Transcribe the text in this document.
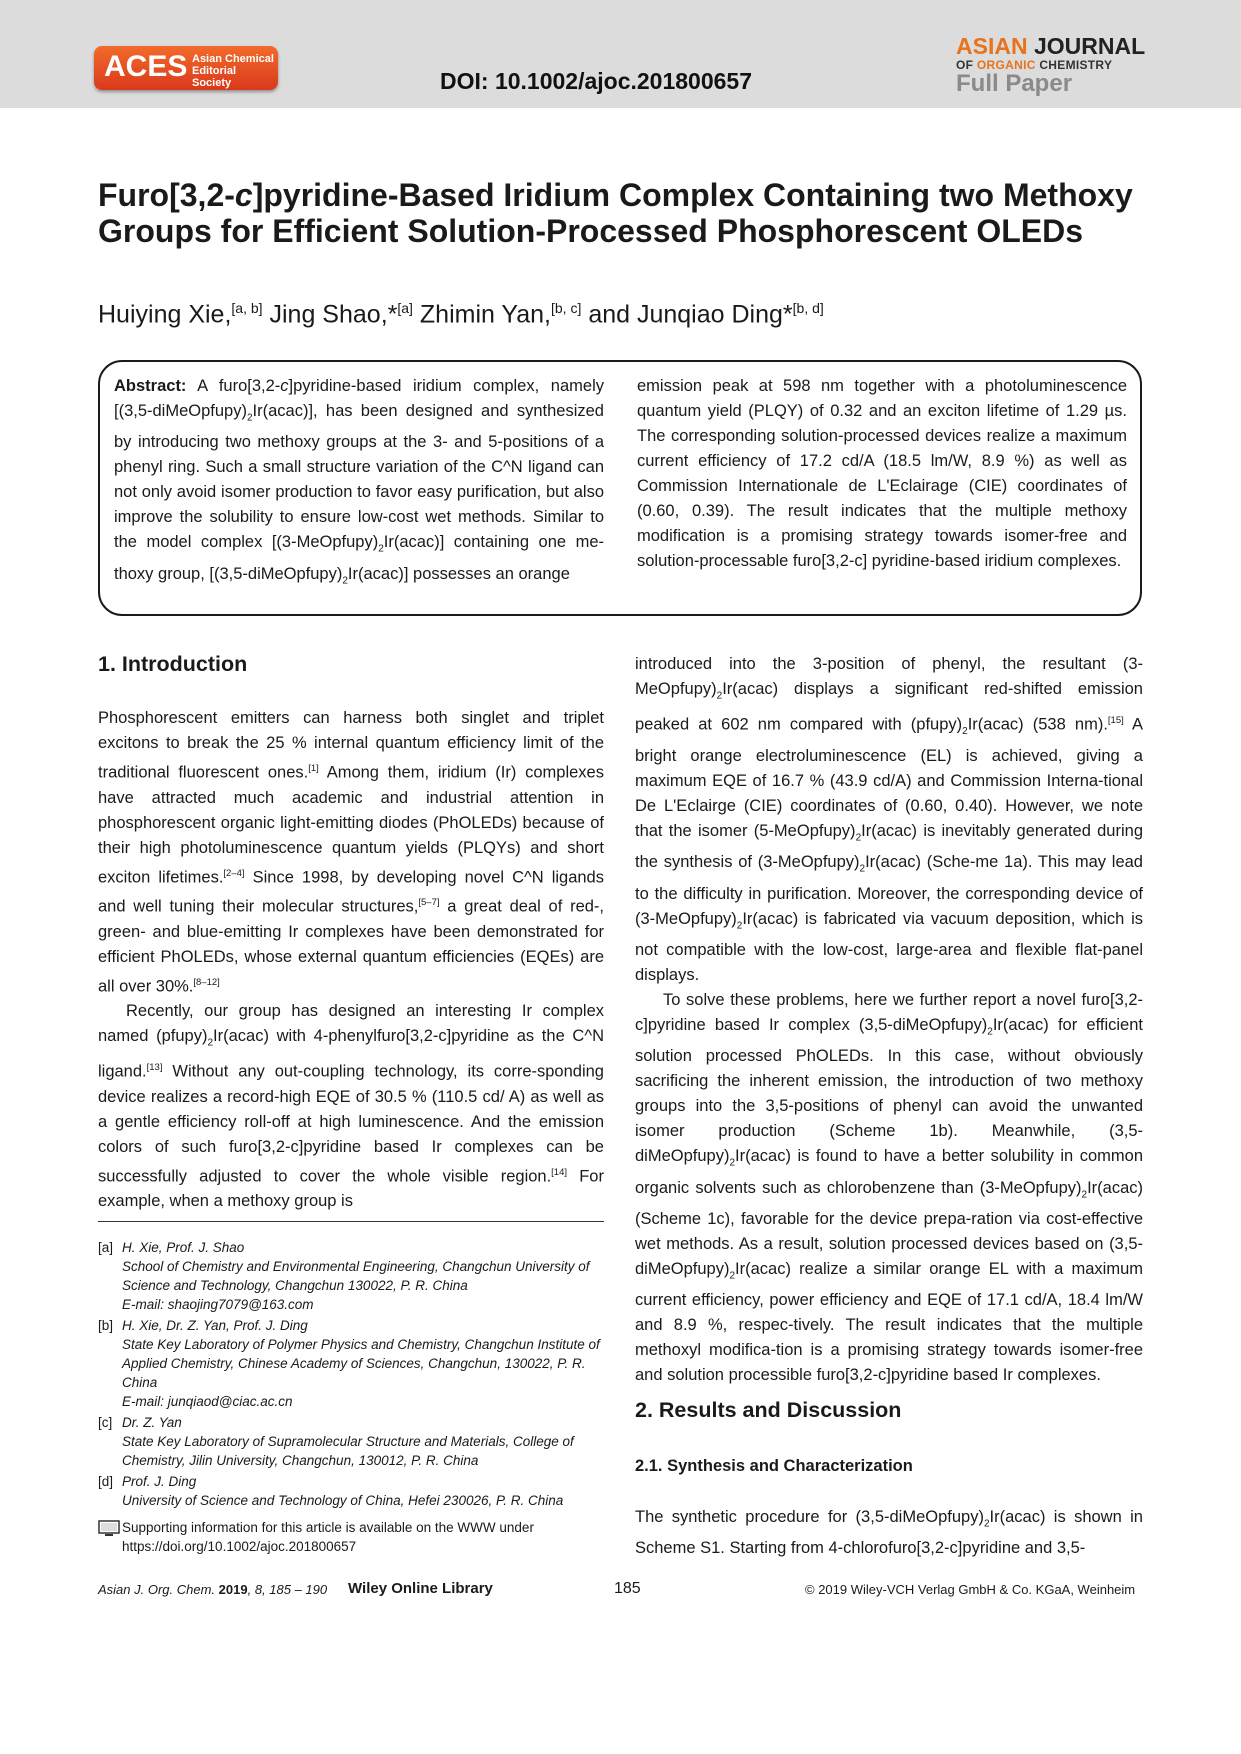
ACES Asian Chemical
Editorial Society	DOI: 10.1002/ajoc.201800657
ASIAN JOURNAL
OF ORGANIC CHEMISTRY
Full Paper
Furo[3,2-c]pyridine-Based Iridium Complex Containing two Methoxy Groups for Efficient Solution-Processed Phosphorescent OLEDs
Huiying Xie,[a, b] Jing Shao,*[a] Zhimin Yan,[b, c] and Junqiao Ding*[b, d]
Abstract: A furo[3,2-c]pyridine-based iridium complex, namely $[(3,5-diMeOpfupy)_2Ir(acac)]$, has been designed and synthesized by introducing two methoxy groups at the 3- and 5-positions of a phenyl ring. Such a small structure variation of the C^N ligand can not only avoid isomer production to favor easy purification, but also improve the solubility to ensure low-cost wet methods. Similar to the model complex $[(3-MeOpfupy)_2Ir(acac)]$ containing one me-thoxy group, $[(3,5-diMeOpfupy)_2Ir(acac)]$ possesses an orange
emission peak at 598 nm together with a photoluminescence quantum yield (PLQY) of 0.32 and an exciton lifetime of 1.29 µs. The corresponding solution-processed devices realize a maximum current efficiency of 17.2 cd/A (18.5 lm/W, 8.9 %) as well as Commission Internationale de L'Eclairage (CIE) coordinates of (0.60, 0.39). The result indicates that the multiple methoxy modification is a promising strategy towards isomer-free and solution-processable furo[3,2-c] pyridine-based iridium complexes.
1. Introduction

Phosphorescent emitters can harness both singlet and triplet excitons to break the 25 % internal quantum efficiency limit of the traditional fluorescent ones.[1] Among them, iridium (Ir) complexes have attracted much academic and industrial attention in phosphorescent organic light-emitting diodes (PhOLEDs) because of their high photoluminescence quantum yields (PLQYs) and short exciton lifetimes.[2–4] Since 1998, by developing novel C^N ligands and well tuning their molecular structures,[5–7] a great deal of red-, green- and blue-emitting Ir complexes have been demonstrated for efficient PhOLEDs, whose external quantum efficiencies (EQEs) are all over 30%.[8–12]

Recently, our group has designed an interesting Ir complex named $(pfupy)_2Ir(acac)$ with 4-phenylfuro[3,2-c]pyridine as the C^N ligand.[13] Without any out-coupling technology, its corre-sponding device realizes a record-high EQE of 30.5 % (110.5 cd/ A) as well as a gentle efficiency roll-off at high luminescence. And the emission colors of such furo[3,2-c]pyridine based Ir complexes can be successfully adjusted to cover the whole visible region.[14] For example, when a methoxy group is

[a] H. Xie, Prof. J. Shao
School of Chemistry and Environmental Engineering, Changchun University of Science and Technology, Changchun 130022, P. R. China
E-mail: shaojing7079@163.com
[b] H. Xie, Dr. Z. Yan, Prof. J. Ding
State Key Laboratory of Polymer Physics and Chemistry, Changchun Institute of Applied Chemistry, Chinese Academy of Sciences, Changchun, 130022, P. R. China
E-mail: junqiaod@ciac.ac.cn
[c] Dr. Z. Yan
State Key Laboratory of Supramolecular Structure and Materials, College of Chemistry, Jilin University, Changchun, 130012, P. R. China
[d] Prof. J. Ding
University of Science and Technology of China, Hefei 230026, P. R. China
Supporting information for this article is available on the WWW under https://doi.org/10.1002/ajoc.201800657

introduced into the 3-position of phenyl, the resultant $(3-MeOpfupy)_2Ir(acac)$ displays a significant red-shifted emission peaked at 602 nm compared with $(pfupy)_2Ir(acac)$ (538 nm).[15] A bright orange electroluminescence (EL) is achieved, giving a maximum EQE of 16.7 % (43.9 cd/A) and Commission Interna-tional De L'Eclairge (CIE) coordinates of (0.60, 0.40). However, we note that the isomer $(5-MeOpfupy)_2Ir(acac)$ is inevitably generated during the synthesis of $(3-MeOpfupy)_2Ir(acac)$ (Sche-me 1a). This may lead to the difficulty in purification. Moreover, the corresponding device of $(3-MeOpfupy)_2Ir(acac)$ is fabricated via vacuum deposition, which is not compatible with the low-cost, large-area and flexible flat-panel displays.

To solve these problems, here we further report a novel furo[3,2-c]pyridine based Ir complex $(3,5-diMeOpfupy)_2Ir(acac)$ for efficient solution processed PhOLEDs. In this case, without obviously sacrificing the inherent emission, the introduction of two methoxy groups into the 3,5-positions of phenyl can avoid the unwanted isomer production (Scheme 1b). Meanwhile, $(3,5-diMeOpfupy)_2Ir(acac)$ is found to have a better solubility in common organic solvents such as chlorobenzene than $(3-MeOpfupy)_2Ir(acac)$ (Scheme 1c), favorable for the device prepa-ration via cost-effective wet methods. As a result, solution processed devices based on $(3,5-diMeOpfupy)_2Ir(acac)$ realize a similar orange EL with a maximum current efficiency, power efficiency and EQE of 17.1 cd/A, 18.4 lm/W and 8.9 %, respec-tively. The result indicates that the multiple methoxyl modifica-tion is a promising strategy towards isomer-free and solution processible furo[3,2-c]pyridine based Ir complexes.

2. Results and Discussion
2.1. Synthesis and Characterization

The synthetic procedure for $(3,5-diMeOpfupy)_2Ir(acac)$ is shown in Scheme S1. Starting from 4-chlorofuro[3,2-c]pyridine and 3,5-

Asian J. Org. Chem. 2019, 8, 185 – 190 Wiley Online Library	185	© 2019 Wiley-VCH Verlag GmbH & Co. KGaA, Weinheim
